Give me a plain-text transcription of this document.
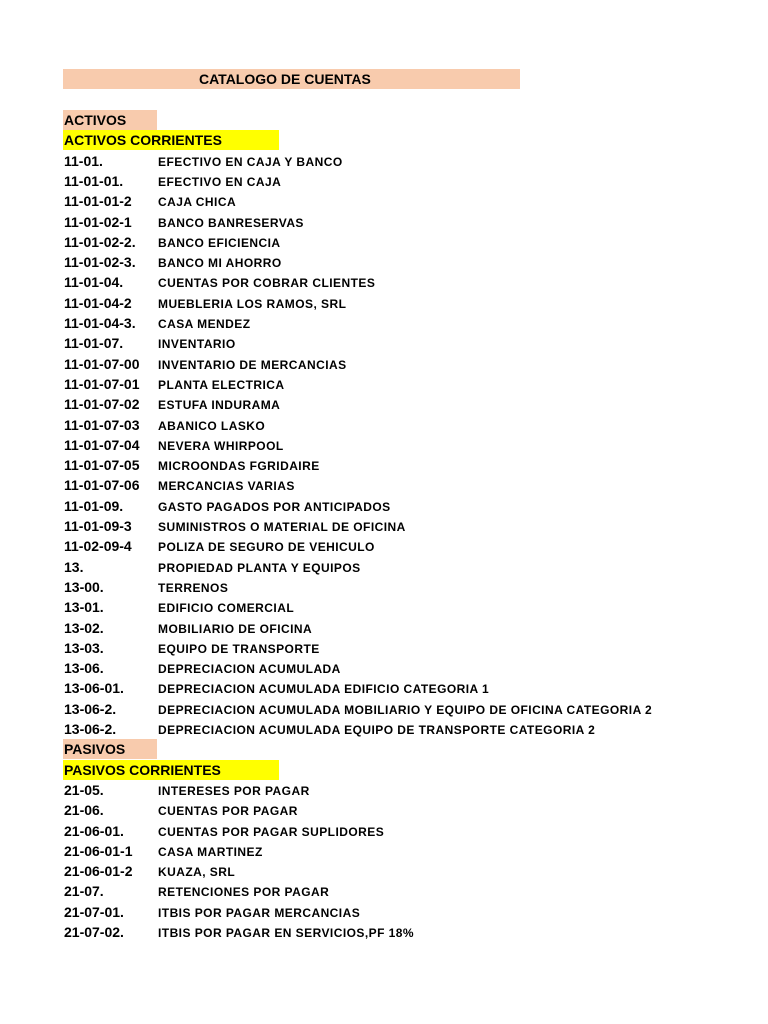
CATALOGO DE CUENTAS
ACTIVOS
ACTIVOS CORRIENTES
11-01.	EFECTIVO EN CAJA Y BANCO
11-01-01.	EFECTIVO EN CAJA
11-01-01-2 CAJA CHICA
11-01-02-1 BANCO BANRESERVAS
11-01-02-2. BANCO EFICIENCIA
11-01-02-3. BANCO MI AHORRO
11-01-04.	CUENTAS POR COBRAR CLIENTES
11-01-04-2 MUEBLERIA LOS RAMOS, SRL
11-01-04-3. CASA MENDEZ
11-01-07.	INVENTARIO
11-01-07-00 INVENTARIO DE MERCANCIAS
11-01-07-01 PLANTA ELECTRICA
11-01-07-02 ESTUFA INDURAMA
11-01-07-03 ABANICO LASKO
11-01-07-04 NEVERA WHIRPOOL
11-01-07-05 MICROONDAS FGRIDAIRE
11-01-07-06 MERCANCIAS VARIAS
11-01-09.	GASTO PAGADOS POR ANTICIPADOS
11-01-09-3 SUMINISTROS O MATERIAL DE OFICINA
11-02-09-4 POLIZA DE SEGURO DE VEHICULO
13.	PROPIEDAD PLANTA Y EQUIPOS
13-00.	TERRENOS
13-01.	EDIFICIO COMERCIAL
13-02.	MOBILIARIO DE OFICINA
13-03.	EQUIPO DE TRANSPORTE
13-06.	DEPRECIACION ACUMULADA
13-06-01.	DEPRECIACION ACUMULADA EDIFICIO CATEGORIA 1
13-06-2.	DEPRECIACION ACUMULADA MOBILIARIO Y EQUIPO DE OFICINA CATEGORIA 2
13-06-2.	DEPRECIACION ACUMULADA EQUIPO DE TRANSPORTE CATEGORIA 2
PASIVOS
PASIVOS CORRIENTES
21-05.	INTERESES POR PAGAR
21-06.	CUENTAS POR PAGAR
21-06-01.	CUENTAS POR PAGAR SUPLIDORES
21-06-01-1 CASA MARTINEZ
21-06-01-2 KUAZA, SRL
21-07.	RETENCIONES POR PAGAR
21-07-01.	ITBIS POR PAGAR MERCANCIAS
21-07-02.	ITBIS POR PAGAR EN SERVICIOS,PF 18%
